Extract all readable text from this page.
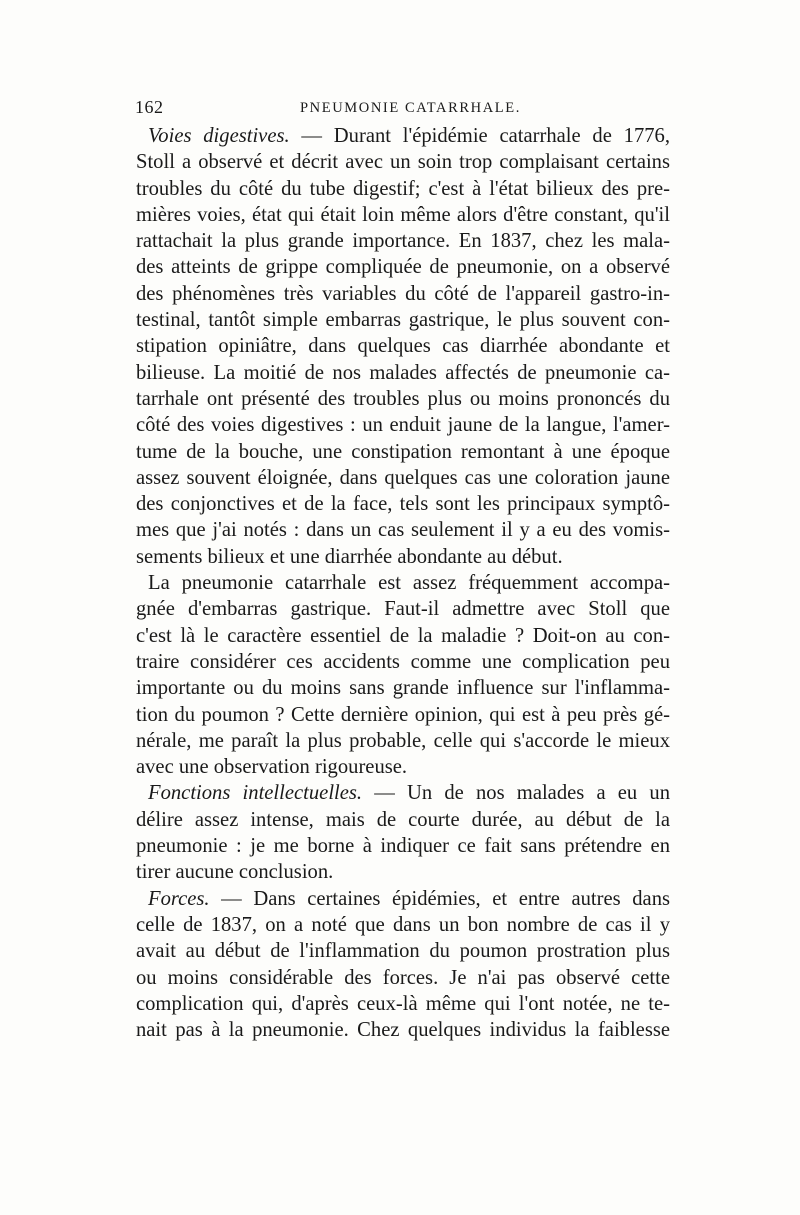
162	PNEUMONIE CATARRHALE.
Voies digestives. — Durant l'épidémie catarrhale de 1776,
Stoll a observé et décrit avec un soin trop complaisant certains
troubles du côté du tube digestif; c'est à l'état bilieux des pre-
mières voies, état qui était loin même alors d'être constant, qu'il
rattachait la plus grande importance. En 1837, chez les mala-
des atteints de grippe compliquée de pneumonie, on a observé
des phénomènes très variables du côté de l'appareil gastro-in-
testinal, tantôt simple embarras gastrique, le plus souvent con-
stipation opiniâtre, dans quelques cas diarrhée abondante et
bilieuse. La moitié de nos malades affectés de pneumonie ca-
tarrhale ont présenté des troubles plus ou moins prononcés du
côté des voies digestives : un enduit jaune de la langue, l'amer-
tume de la bouche, une constipation remontant à une époque
assez souvent éloignée, dans quelques cas une coloration jaune
des conjonctives et de la face, tels sont les principaux symptô-
mes que j'ai notés : dans un cas seulement il y a eu des vomis-
sements bilieux et une diarrhée abondante au début.
La pneumonie catarrhale est assez fréquemment accompa-
gnée d'embarras gastrique. Faut-il admettre avec Stoll que
c'est là le caractère essentiel de la maladie ? Doit-on au con-
traire considérer ces accidents comme une complication peu
importante ou du moins sans grande influence sur l'inflamma-
tion du poumon ? Cette dernière opinion, qui est à peu près gé-
nérale, me paraît la plus probable, celle qui s'accorde le mieux
avec une observation rigoureuse.
Fonctions intellectuelles. — Un de nos malades a eu un
délire assez intense, mais de courte durée, au début de la
pneumonie : je me borne à indiquer ce fait sans prétendre en
tirer aucune conclusion.
Forces. — Dans certaines épidémies, et entre autres dans
celle de 1837, on a noté que dans un bon nombre de cas il y
avait au début de l'inflammation du poumon prostration plus
ou moins considérable des forces. Je n'ai pas observé cette
complication qui, d'après ceux-là même qui l'ont notée, ne te-
nait pas à la pneumonie. Chez quelques individus la faiblesse
